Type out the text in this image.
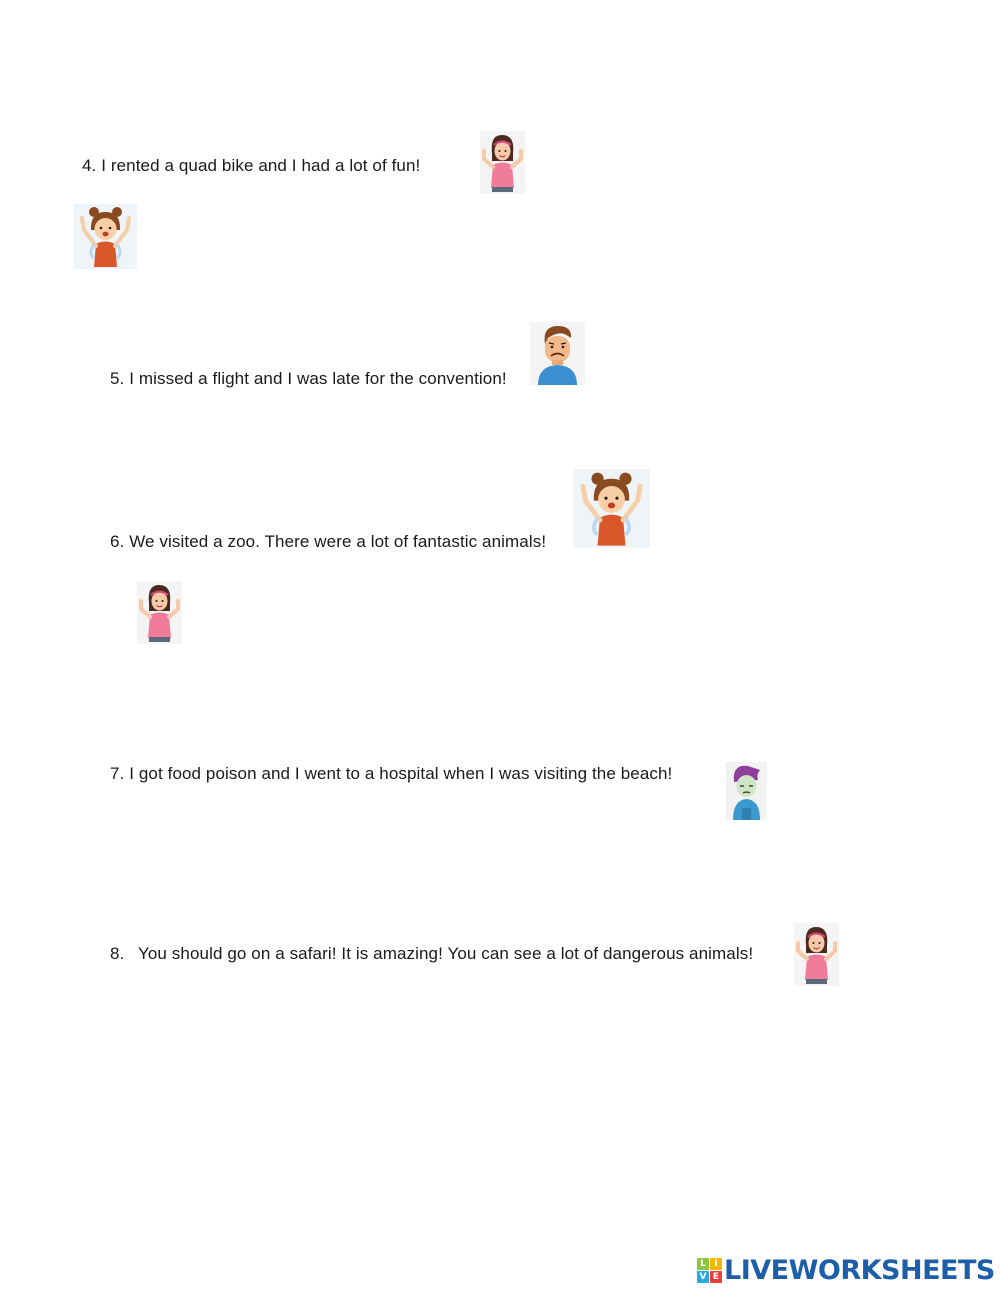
4. I rented a quad bike and I had a lot of fun!
5. I missed a flight and I was late for the convention!
6. We visited a zoo. There were a lot of fantastic animals!
7. I got food poison and I went to a hospital when I was visiting the beach!
8. You should go on a safari! It is amazing! You can see a lot of dangerous animals!
L I
V E LIVEWORKSHEETS
